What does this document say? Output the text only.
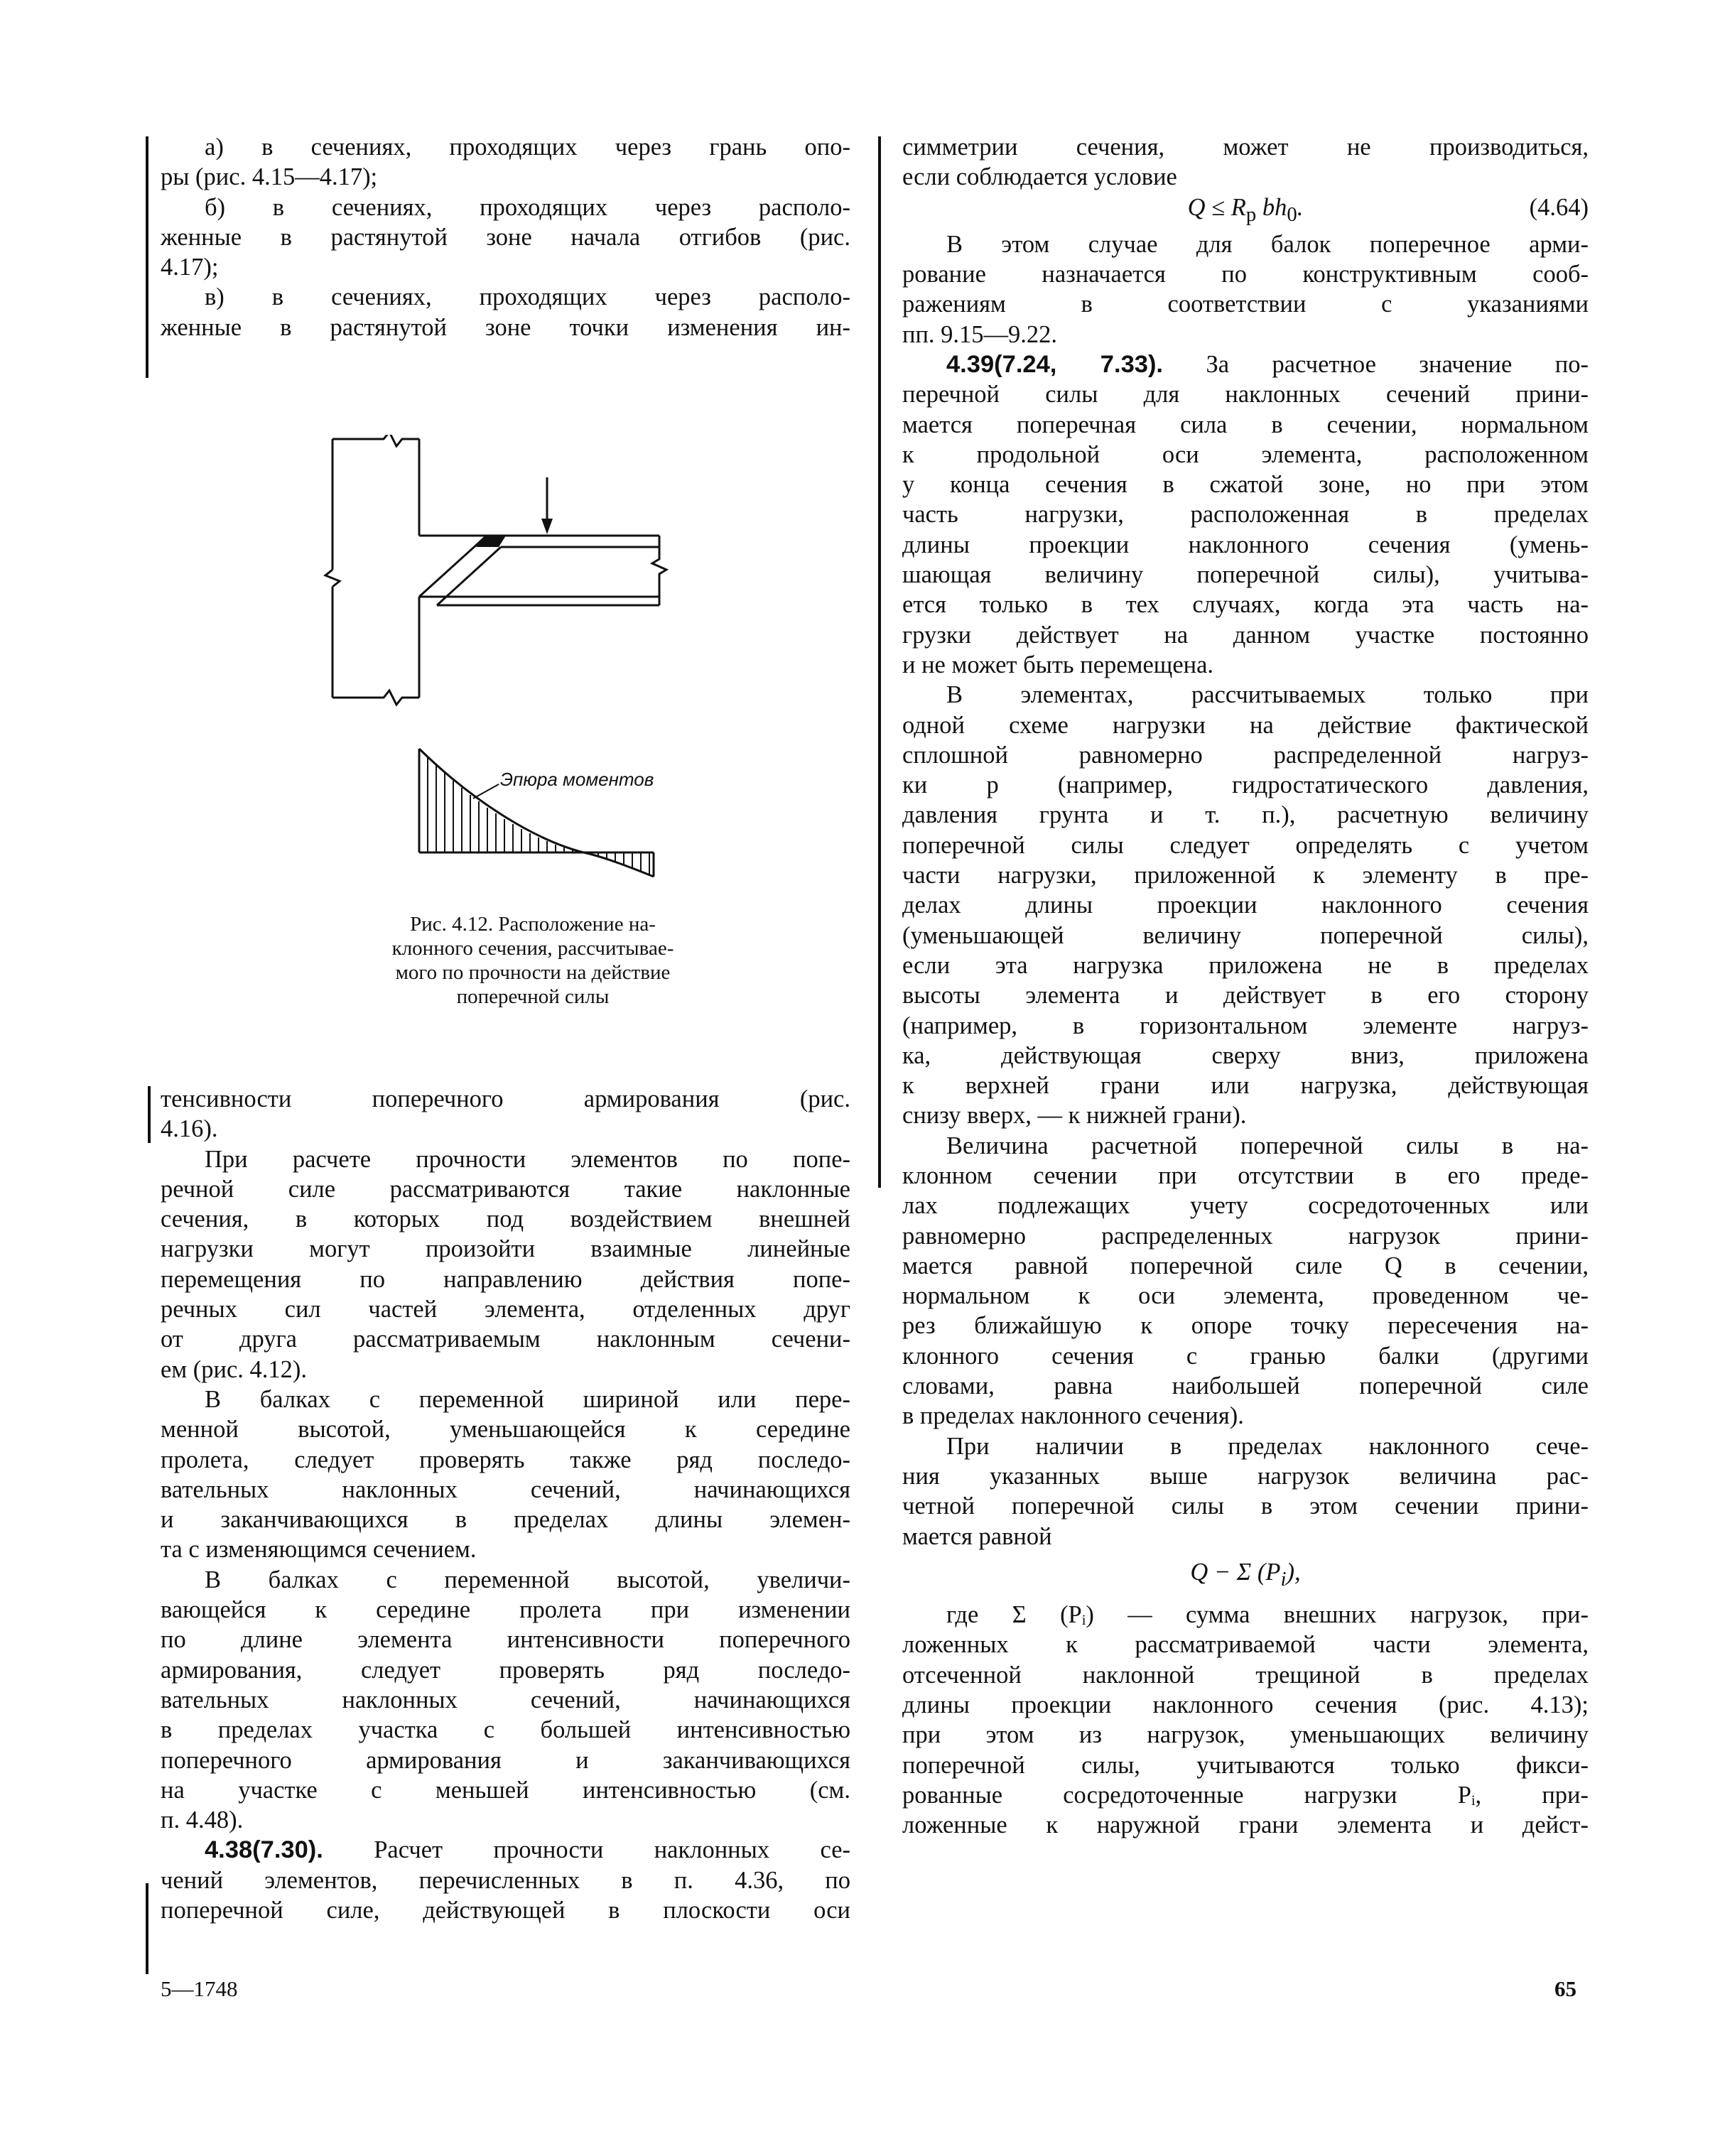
а) в сечениях, проходящих через грань опо-

ры (рис. 4.15—4.17);

б) в сечениях, проходящих через располо-

женные в растянутой зоне начала отгибов (рис.

4.17);

в) в сечениях, проходящих через располо-

женные в растянутой зоне точки изменения ин-

Эпюра моментов
Рис. 4.12. Расположение на-
клонного сечения, рассчитывае-
мого по прочности на действие
поперечной силы

тенсивности поперечного армирования (рис.

4.16).

При расчете прочности элементов по попе-

речной силе рассматриваются такие наклонные

сечения, в которых под воздействием внешней

нагрузки могут произойти взаимные линейные

перемещения по направлению действия попе-

речных сил частей элемента, отделенных друг

от друга рассматриваемым наклонным сечени-

ем (рис. 4.12).

В балках с переменной шириной или пере-

менной высотой, уменьшающейся к середине

пролета, следует проверять также ряд последо-

вательных наклонных сечений, начинающихся

и заканчивающихся в пределах длины элемен-

та с изменяющимся сечением.

В балках с переменной высотой, увеличи-

вающейся к середине пролета при изменении

по длине элемента интенсивности поперечного

армирования, следует проверять ряд последо-

вательных наклонных сечений, начинающихся

в пределах участка с большей интенсивностью

поперечного армирования и заканчивающихся

на участке с меньшей интенсивностью (см.

п. 4.48).

4.38(7.30). Расчет прочности наклонных се-

чений элементов, перечисленных в п. 4.36, по

поперечной силе, действующей в плоскости оси

симметрии сечения, может не производиться,

если соблюдается условие

$Q \le R_р$ $bh_0$.	(4.64)

В этом случае для балок поперечное арми-

рование назначается по конструктивным сооб-

ражениям в соответствии с указаниями

пп. 9.15—9.22.

4.39(7.24, 7.33). За расчетное значение по-

перечной силы для наклонных сечений прини-

мается поперечная сила в сечении, нормальном

к продольной оси элемента, расположенном

у конца сечения в сжатой зоне, но при этом

часть нагрузки, расположенная в пределах

длины проекции наклонного сечения (умень-

шающая величину поперечной силы), учитыва-

ется только в тех случаях, когда эта часть на-

грузки действует на данном участке постоянно

и не может быть перемещена.

В элементах, рассчитываемых только при

одной схеме нагрузки на действие фактической

сплошной равномерно распределенной нагруз-

ки p (например, гидростатического давления,

давления грунта и т. п.), расчетную величину

поперечной силы следует определять с учетом

части нагрузки, приложенной к элементу в пре-

делах длины проекции наклонного сечения

(уменьшающей величину поперечной силы),

если эта нагрузка приложена не в пределах

высоты элемента и действует в его сторону

(например, в горизонтальном элементе нагруз-

ка, действующая сверху вниз, приложена

к верхней грани или нагрузка, действующая

снизу вверх, — к нижней грани).

Величина расчетной поперечной силы в на-

клонном сечении при отсутствии в его преде-

лах подлежащих учету сосредоточенных или

равномерно распределенных нагрузок прини-

мается равной поперечной силе Q в сечении,

нормальном к оси элемента, проведенном че-

рез ближайшую к опоре точку пересечения на-

клонного сечения с гранью балки (другими

словами, равна наибольшей поперечной силе

в пределах наклонного сечения).

При наличии в пределах наклонного сече-

ния указанных выше нагрузок величина рас-

четной поперечной силы в этом сечении прини-

мается равной

Q − Σ $(P_i)$,

где Σ (Pᵢ) — сумма внешних нагрузок, при-

ложенных к рассматриваемой части элемента,

отсеченной наклонной трещиной в пределах

длины проекции наклонного сечения (рис. 4.13);

при этом из нагрузок, уменьшающих величину

поперечной силы, учитываются только фикси-

рованные сосредоточенные нагрузки Pᵢ, при-

ложенные к наружной грани элемента и дейст-

5—1748	65
